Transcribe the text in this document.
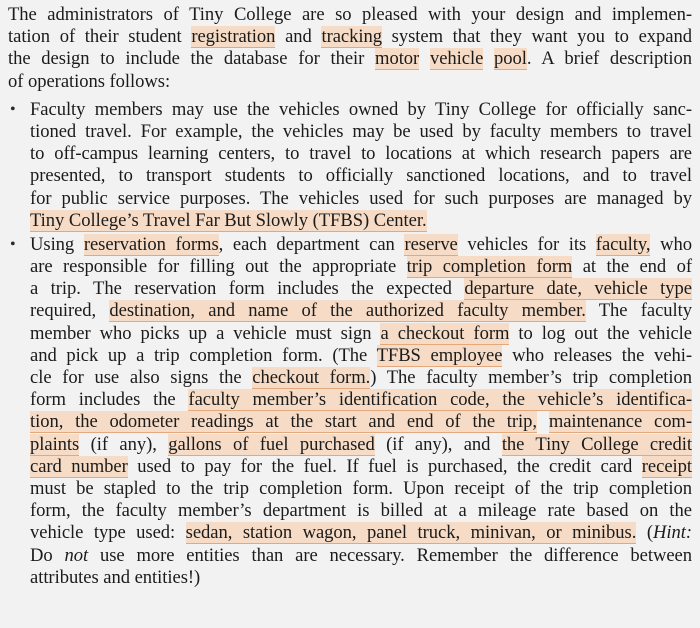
The administrators of Tiny College are so pleased with your design and implemen-
tation of their student registration and tracking system that they want you to expand
the design to include the database for their motor vehicle pool. A brief description
of operations follows:
• Faculty members may use the vehicles owned by Tiny College for officially sanc-
tioned travel. For example, the vehicles may be used by faculty members to travel
to off-campus learning centers, to travel to locations at which research papers are
presented, to transport students to officially sanctioned locations, and to travel
for public service purposes. The vehicles used for such purposes are managed by
Tiny College’s Travel Far But Slowly (TFBS) Center.
• Using reservation forms, each department can reserve vehicles for its faculty, who
are responsible for filling out the appropriate trip completion form at the end of
a trip. The reservation form includes the expected departure date, vehicle type
required, destination, and name of the authorized faculty member. The faculty
member who picks up a vehicle must sign a checkout form to log out the vehicle
and pick up a trip completion form. (The TFBS employee who releases the vehi-
cle for use also signs the checkout form.) The faculty member’s trip completion
form includes the faculty member’s identification code, the vehicle’s identifica-
tion, the odometer readings at the start and end of the trip, maintenance com-
plaints (if any), gallons of fuel purchased (if any), and the Tiny College credit
card number used to pay for the fuel. If fuel is purchased, the credit card receipt
must be stapled to the trip completion form. Upon receipt of the trip completion
form, the faculty member’s department is billed at a mileage rate based on the
vehicle type used: sedan, station wagon, panel truck, minivan, or minibus. (Hint:
Do not use more entities than are necessary. Remember the difference between
attributes and entities!)
